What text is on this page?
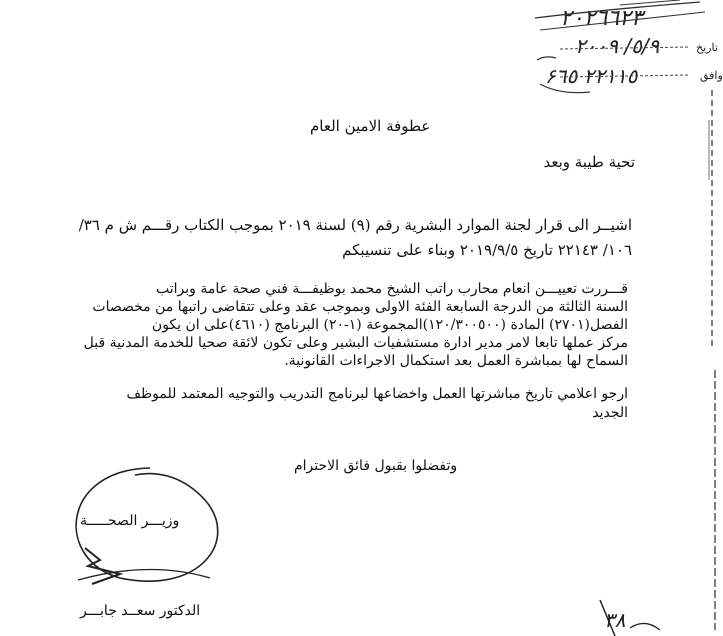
٢٠٢٦٦٢٣
تاريخ
٥/٩/ ٢٠٠٩
وافق
٢٢١١٥ ۶٦٥
عطوفة الامين العام
تحية طيبة وبعد
اشيــر الى قرار لجنة الموارد البشرية رقم (٩) لسنة ٢٠١٩ بموجب الكتاب رقـــم ش م ٣٦/
١٠٦/ ٢٢١٤٣ تاريخ ٢٠١٩/٩/٥ وبناء على تنسيبكم
قـــررت تعييـــن انعام محارب راتب الشيخ محمد بوظيفـــة فني صحة عامة وبراتب
السنة الثالثة من الدرجة السابعة الفئة الاولى وبموجب عقد وعلى تتقاضى راتبها من مخصصات
الفصل(٢٧٠١) المادة (١٢٠/٣٠٠٥٠٠)المجموعة (١-٢٠) البرنامج (٤٦١٠)على ان يكون
مركز عملها تابعا لامر مدير ادارة مستشفيات البشير وعلى تكون لائقة صحيا للخدمة المدنية قبل
السماح لها بمباشرة العمل بعد استكمال الاجراءات القانونية.
ارجو اعلامي تاريخ مباشرتها العمل واخضاعها لبرنامج التدريب والتوجيه المعتمد للموظف
الجديد
وتفضلوا بقبول فائق الاحترام
وزيـــر الصحـــــة
الدكتور سعــد جابـــر	٣٨
